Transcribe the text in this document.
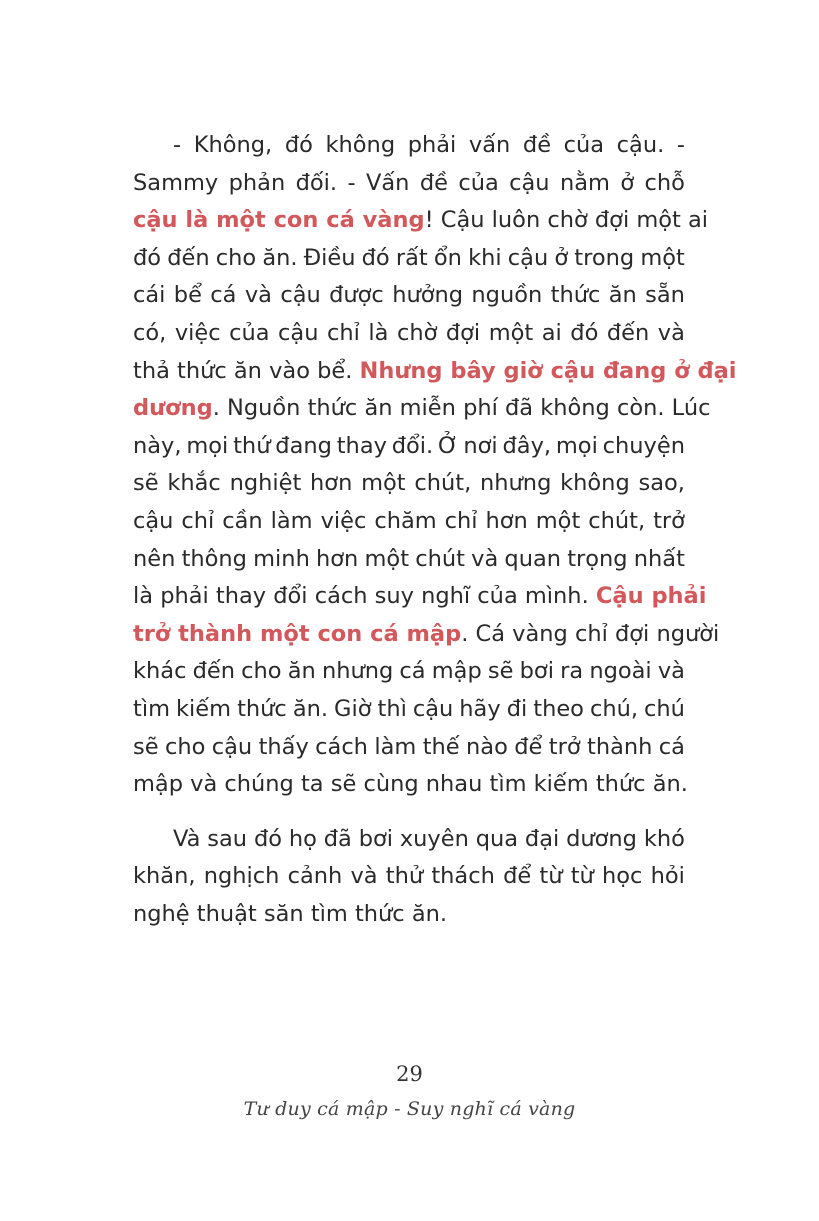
- Không, đó không phải vấn đề của cậu. -
Sammy phản đối. - Vấn đề của cậu nằm ở chỗ
cậu là một con cá vàng! Cậu luôn chờ đợi một ai
đó đến cho ăn. Điều đó rất ổn khi cậu ở trong một
cái bể cá và cậu được hưởng nguồn thức ăn sẵn
có, việc của cậu chỉ là chờ đợi một ai đó đến và
thả thức ăn vào bể. Nhưng bây giờ cậu đang ở đại
dương. Nguồn thức ăn miễn phí đã không còn. Lúc
này, mọi thứ đang thay đổi. Ở nơi đây, mọi chuyện
sẽ khắc nghiệt hơn một chút, nhưng không sao,
cậu chỉ cần làm việc chăm chỉ hơn một chút, trở
nên thông minh hơn một chút và quan trọng nhất
là phải thay đổi cách suy nghĩ của mình. Cậu phải
trở thành một con cá mập. Cá vàng chỉ đợi người
khác đến cho ăn nhưng cá mập sẽ bơi ra ngoài và
tìm kiếm thức ăn. Giờ thì cậu hãy đi theo chú, chú
sẽ cho cậu thấy cách làm thế nào để trở thành cá
mập và chúng ta sẽ cùng nhau tìm kiếm thức ăn.
Và sau đó họ đã bơi xuyên qua đại dương khó
khăn, nghịch cảnh và thử thách để từ từ học hỏi
nghệ thuật săn tìm thức ăn.
29
Tư duy cá mập - Suy nghĩ cá vàng
